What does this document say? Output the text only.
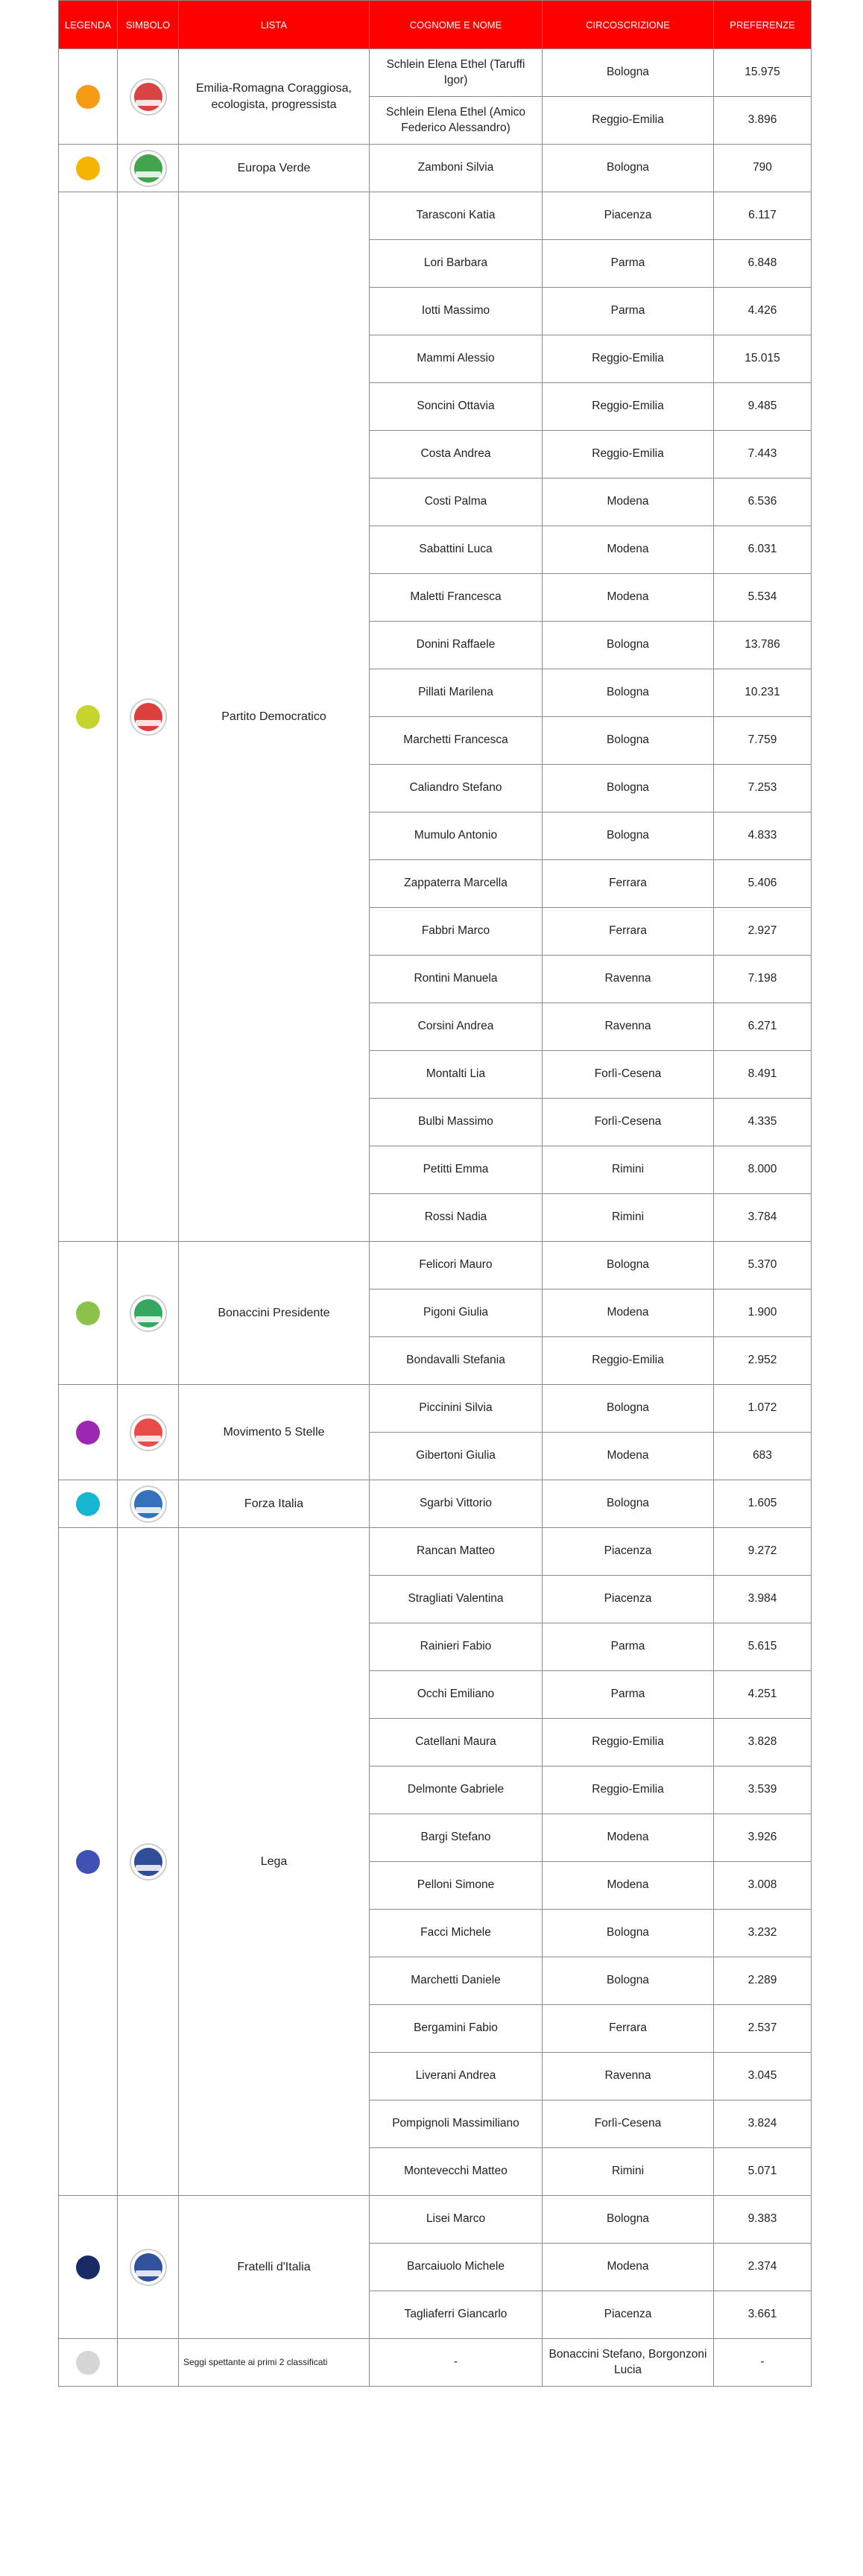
LEGENDA	SIMBOLO	LISTA	COGNOME E NOME	CIRCOSCRIZIONE	PREFERENZE

	Emilia-Romagna Coraggiosa, ecologista, progressista	Schlein Elena Ethel (Taruffi Igor)	Bologna	15.975
			Schlein Elena Ethel (Amico Federico Alessandro)	Reggio-Emilia	3.896

	Europa Verde	Zamboni Silvia	Bologna	790

	Partito Democratico	Tarasconi Katia	Piacenza	6.117
			Lori Barbara	Parma	6.848
			Iotti Massimo	Parma	4.426
			Mammi Alessio	Reggio-Emilia	15.015
			Soncini Ottavia	Reggio-Emilia	9.485
			Costa Andrea	Reggio-Emilia	7.443
			Costi Palma	Modena	6.536
			Sabattini Luca	Modena	6.031
			Maletti Francesca	Modena	5.534
			Donini Raffaele	Bologna	13.786
			Pillati Marilena	Bologna	10.231
			Marchetti Francesca	Bologna	7.759
			Caliandro Stefano	Bologna	7.253
			Mumulo Antonio	Bologna	4.833
			Zappaterra Marcella	Ferrara	5.406
			Fabbri Marco	Ferrara	2.927
			Rontini Manuela	Ravenna	7.198
			Corsini Andrea	Ravenna	6.271
			Montalti Lia	Forlì-Cesena	8.491
			Bulbi Massimo	Forlì-Cesena	4.335
			Petitti Emma	Rimini	8.000
			Rossi Nadia	Rimini	3.784

	Bonaccini Presidente	Felicori Mauro	Bologna	5.370
			Pigoni Giulia	Modena	1.900
			Bondavalli Stefania	Reggio-Emilia	2.952

	Movimento 5 Stelle	Piccinini Silvia	Bologna	1.072
			Gibertoni Giulia	Modena	683

	Forza Italia	Sgarbi Vittorio	Bologna	1.605

	Lega	Rancan Matteo	Piacenza	9.272
			Stragliati Valentina	Piacenza	3.984
			Rainieri Fabio	Parma	5.615
			Occhi Emiliano	Parma	4.251
			Catellani Maura	Reggio-Emilia	3.828
			Delmonte Gabriele	Reggio-Emilia	3.539
			Bargi Stefano	Modena	3.926
			Pelloni Simone	Modena	3.008
			Facci Michele	Bologna	3.232
			Marchetti Daniele	Bologna	2.289
			Bergamini Fabio	Ferrara	2.537
			Liverani Andrea	Ravenna	3.045
			Pompignoli Massimiliano	Forlì-Cesena	3.824
			Montevecchi Matteo	Rimini	5.071

	Fratelli d'Italia	Lisei Marco	Bologna	9.383
			Barcaiuolo Michele	Modena	2.374
			Tagliaferri Giancarlo	Piacenza	3.661
		Seggi spettante ai primi 2 classificati	-	Bonaccini Stefano, Borgonzoni Lucia	-
